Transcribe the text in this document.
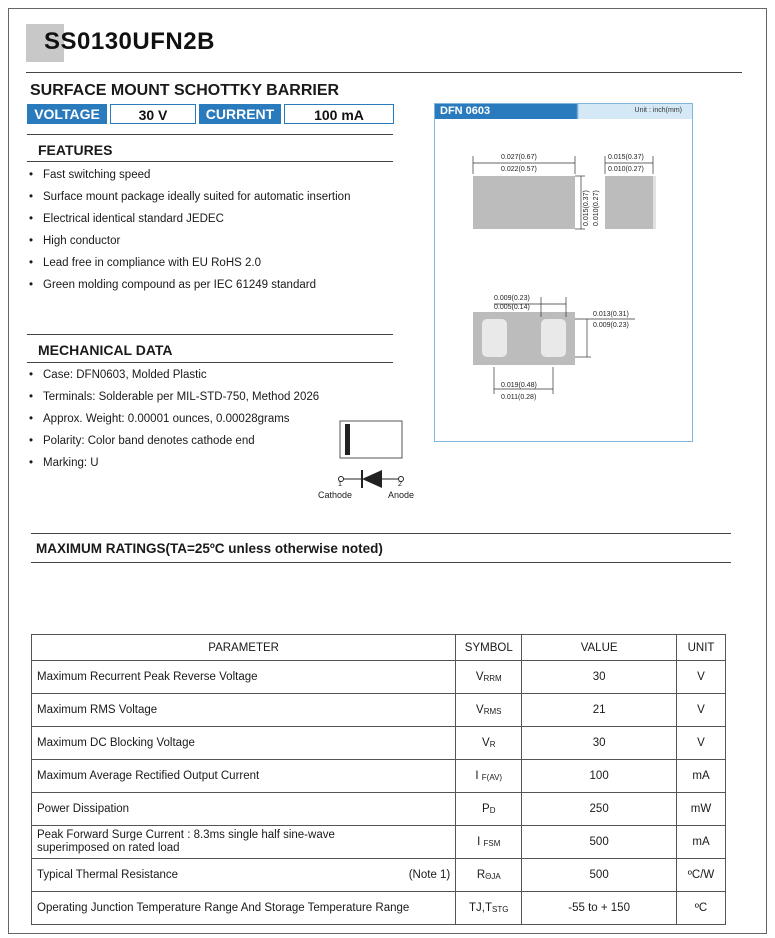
SS0130UFN2B
SURFACE MOUNT SCHOTTKY BARRIER
VOLTAGE	30 V	CURRENT	100 mA
FEATURES
• Fast switching speed
• Surface mount package ideally suited for automatic insertion
• Electrical identical standard JEDEC
• High conductor
• Lead free in compliance with EU RoHS 2.0
• Green molding compound as per IEC 61249 standard
MECHANICAL DATA
• Case: DFN0603, Molded Plastic
• Terminals: Solderable per MIL-STD-750, Method 2026
• Approx. Weight: 0.00001 ounces, 0.00028grams
• Polarity: Color band denotes cathode end
• Marking: U
1	2
Cathode	Anode
DFN 0603	Unit : inch(mm)
0.027(0.67)
0.022(0.57)
0.015(0.37) 0.010(0.27)
0.015(0.37)
0.010(0.27)
0.009(0.23)
0.005(0.14)
0.013(0.31)
0.009(0.23)
0.019(0.48)
0.011(0.28)
MAXIMUM RATINGS(TA=25ºC unless otherwise noted)
PARAMETER	SYMBOL	VALUE	UNIT

Maximum Recurrent Peak Reverse Voltage	$V_{RRM}$	30	V

Maximum RMS Voltage	$V_{RMS}$	21	V

Maximum DC Blocking Voltage	$V_R$	30	V

Maximum Average Rectified Output Current	I $_{F(AV)}$	100	mA

Power Dissipation	$P_D$	250	mW

Peak Forward Surge Current : 8.3ms single half sine-wave superimposed on rated load	I $_{FSM}$	500	mA

Typical Thermal Resistance (Note 1)	$R_{\Theta JA}$	500	ºC/W

Operating Junction Temperature Range And Storage Temperature Range	$TJ,T_{STG}$	-55 to + 150	ºC
